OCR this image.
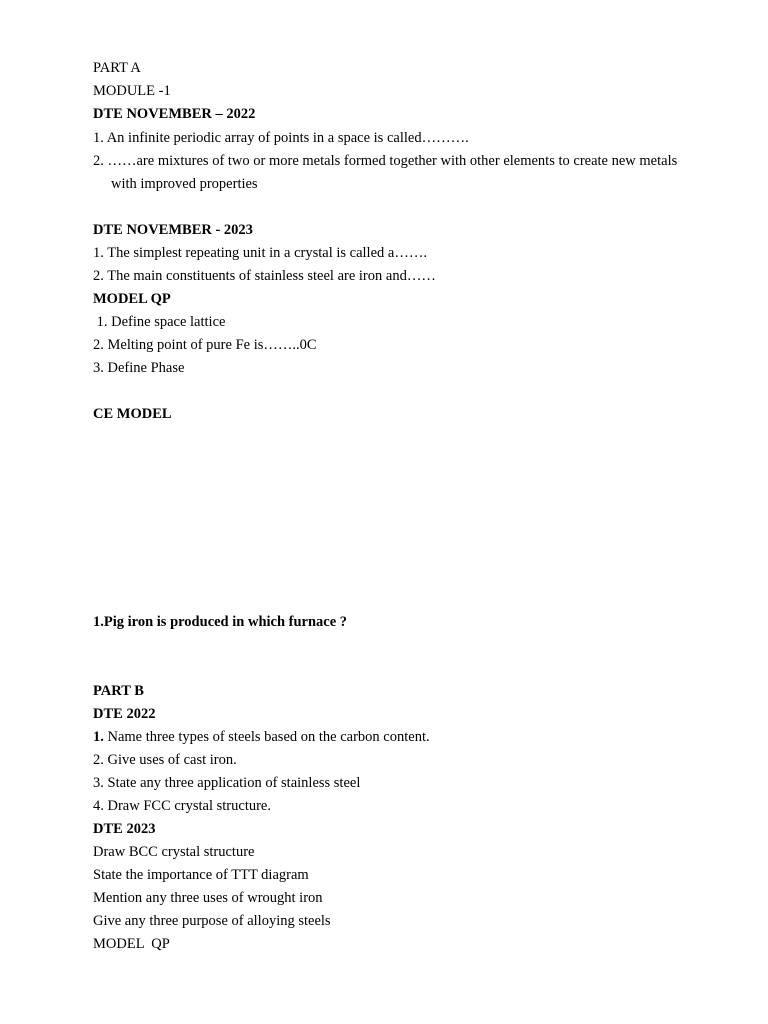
PART A
MODULE -1
DTE NOVEMBER – 2022
1. An infinite periodic array of points in a space is called……….
2. ……are mixtures of two or more metals formed together with other elements to create new metals
with improved properties
DTE NOVEMBER - 2023
1. The simplest repeating unit in a crystal is called a…….
2. The main constituents of stainless steel are iron and……
MODEL QP
1. Define space lattice
2. Melting point of pure Fe is……..0C
3. Define Phase
CE MODEL
1.Pig iron is produced in which furnace ?
PART B
DTE 2022
1. Name three types of steels based on the carbon content.
2. Give uses of cast iron.
3. State any three application of stainless steel
4. Draw FCC crystal structure.
DTE 2023
Draw BCC crystal structure
State the importance of TTT diagram
Mention any three uses of wrought iron
Give any three purpose of alloying steels
MODEL  QP
